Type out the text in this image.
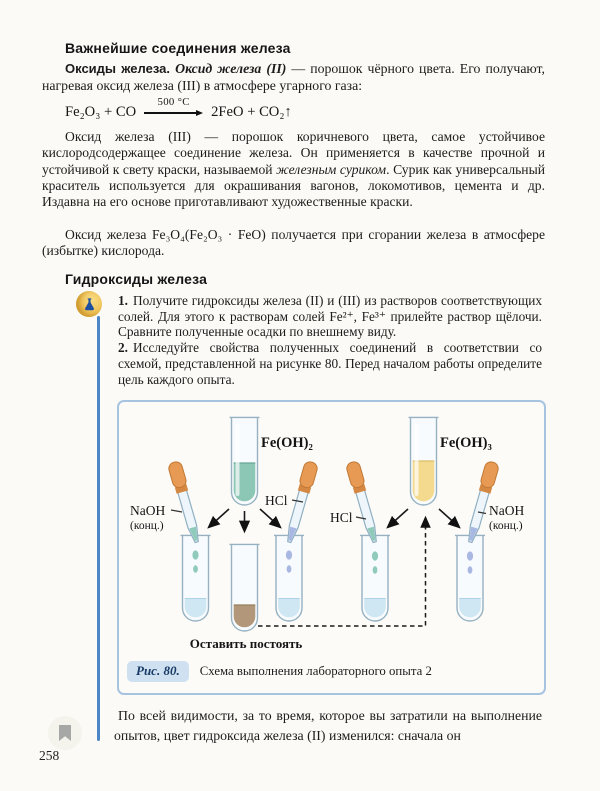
Важнейшие соединения железа

Оксиды железа. Оксид железа (II) — порошок чёрного цвета. Его получают, нагревая оксид железа (III) в атмосфере угарного газа:

Fe₂O₃ + CO
500 °C
2FeO + CO₂↑

Оксид железа (III) — порошок коричневого цвета, самое устойчивое кислородсодержащее соединение железа. Он применяется в качестве прочной и устойчивой к свету краски, называемой железным суриком. Сурик как универсальный краситель используется для окрашивания вагонов, локомотивов, цемента и др. Издавна на его основе приготавливают художественные краски.

Оксид железа Fe₃O₄(Fe₂O₃ · FeO) получается при сгорании железа в атмосфере (избытке) кислорода.

Гидроксиды железа

1. Получите гидроксиды железа (II) и (III) из растворов соответствующих солей. Для этого к растворам солей Fe²⁺, Fe³⁺ прилейте раствор щёлочи. Сравните полученные осадки по внешнему виду.

2. Исследуйте свойства полученных соединений в соответствии со схемой, представленной на рисунке 80. Перед началом работы определите цель каждого опыта.

Fe(OH)₂	Fe(OH)₃
NaOH
(конц.)
HCl
HCl	NaOH
(конц.)
Оставить постоять
Рис. 80.	Схема выполнения лабораторного опыта 2

По всей видимости, за то время, которое вы затратили на выполнение опытов, цвет гидроксида железа (II) изменился: сначала он

258
